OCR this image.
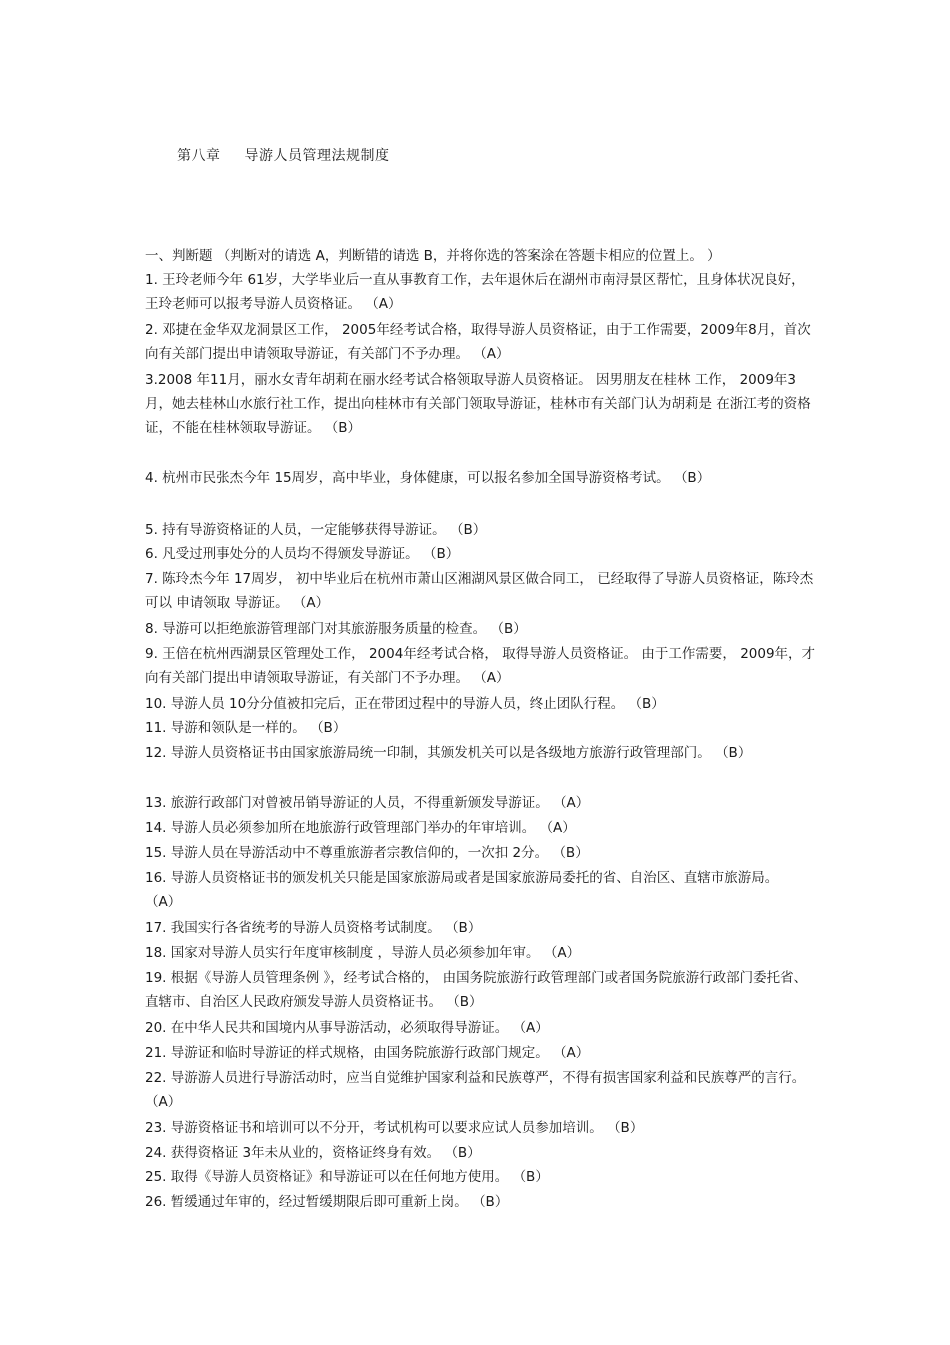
第八章 导游人员管理法规制度
一、判断题 （判断对的请选 A，判断错的请选 B，并将你选的答案涂在答题卡相应的位置上。 ）
1. 王玲老师今年 61岁，大学毕业后一直从事教育工作，去年退休后在湖州市南浔景区帮忙，且身体状况良好，王玲老师可以报考导游人员资格证。 （A）
2. 邓捷在金华双龙洞景区工作， 2005年经考试合格，取得导游人员资格证，由于工作需要，2009年8月，首次向有关部门提出申请领取导游证，有关部门不予办理。 （A）
3.2008 年11月，丽水女青年胡莉在丽水经考试合格领取导游人员资格证。 因男朋友在桂林 工作， 2009年3月，她去桂林山水旅行社工作，提出向桂林市有关部门领取导游证，桂林市有关部门认为胡莉是 在浙江考的资格证，不能在桂林领取导游证。 （B）
4. 杭州市民张杰今年 15周岁，高中毕业，身体健康，可以报名参加全国导游资格考试。 （B）
5. 持有导游资格证的人员，一定能够获得导游证。 （B）
6. 凡受过刑事处分的人员均不得颁发导游证。 （B）
7. 陈玲杰今年 17周岁， 初中毕业后在杭州市萧山区湘湖风景区做合同工， 已经取得了导游人员资格证，陈玲杰可以 申请领取 导游证。 （A）
8. 导游可以拒绝旅游管理部门对其旅游服务质量的检查。 （B）
9. 王倍在杭州西湖景区管理处工作， 2004年经考试合格， 取得导游人员资格证。 由于工作需要， 2009年，才向有关部门提出申请领取导游证，有关部门不予办理。 （A）
10. 导游人员 10分分值被扣完后，正在带团过程中的导游人员，终止团队行程。 （B）
11. 导游和领队是一样的。 （B）
12. 导游人员资格证书由国家旅游局统一印制，其颁发机关可以是各级地方旅游行政管理部门。 （B）
13. 旅游行政部门对曾被吊销导游证的人员，不得重新颁发导游证。 （A）
14. 导游人员必须参加所在地旅游行政管理部门举办的年审培训。 （A）
15. 导游人员在导游活动中不尊重旅游者宗教信仰的，一次扣 2分。 （B）
16. 导游人员资格证书的颁发机关只能是国家旅游局或者是国家旅游局委托的省、自治区、直辖市旅游局。 （A）
17. 我国实行各省统考的导游人员资格考试制度。 （B）
18. 国家对导游人员实行年度审核制度 ，导游人员必须参加年审。 （A）
19. 根据《导游人员管理条例 》，经考试合格的， 由国务院旅游行政管理部门或者国务院旅游行政部门委托省、直辖市、自治区人民政府颁发导游人员资格证书。 （B）
20. 在中华人民共和国境内从事导游活动，必须取得导游证。 （A）
21. 导游证和临时导游证的样式规格，由国务院旅游行政部门规定。 （A）
22. 导游游人员进行导游活动时，应当自觉维护国家利益和民族尊严，不得有损害国家利益和民族尊严的言行。 （A）
23. 导游资格证书和培训可以不分开，考试机构可以要求应试人员参加培训。 （B）
24. 获得资格证 3年未从业的，资格证终身有效。 （B）
25. 取得《导游人员资格证》和导游证可以在任何地方使用。 （B）
26. 暂缓通过年审的，经过暂缓期限后即可重新上岗。 （B）
